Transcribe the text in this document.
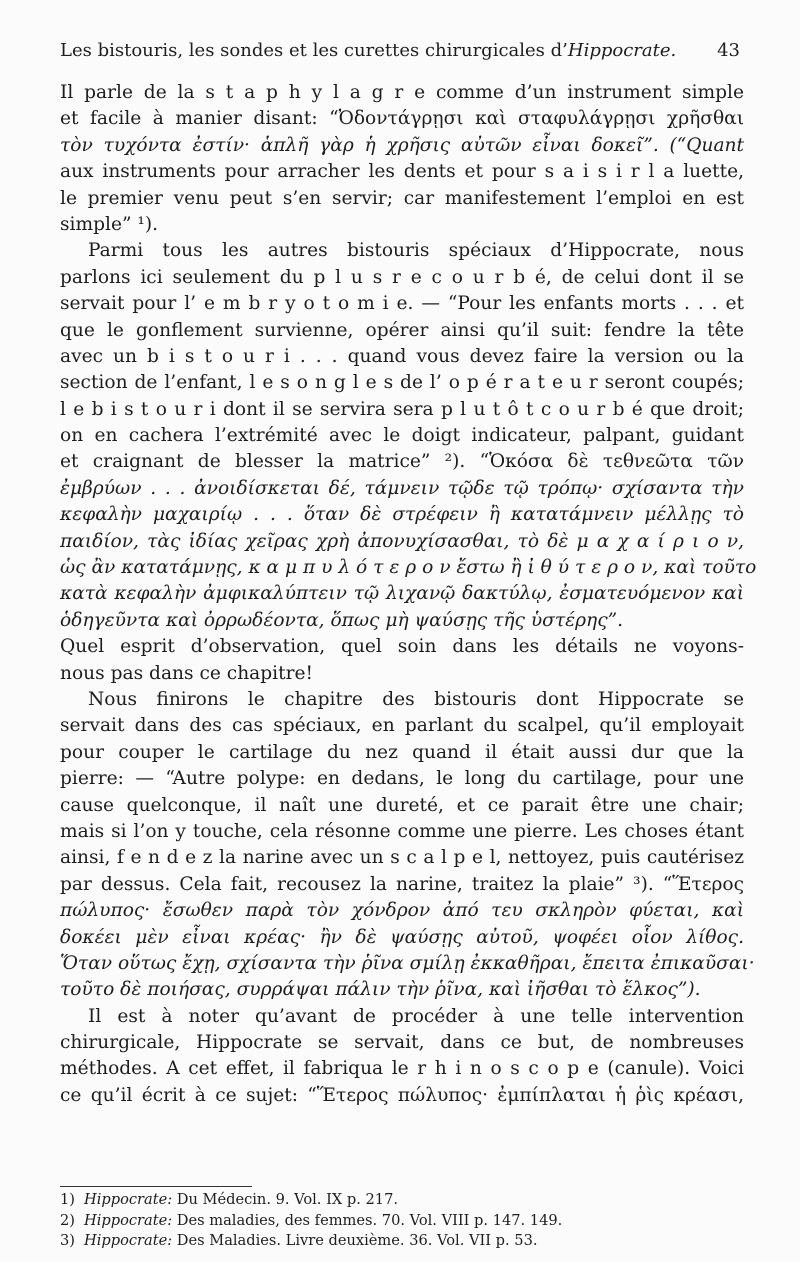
Les bistouris, les sondes et les curettes chirurgicales d’Hippocrate. 43
Il parle de la s t a p h y l a g r e comme d’un instrument simple
et facile à manier disant: “Ὀδοντάγρῃσι καὶ σταφυλάγρῃσι χρῆσθαι
τὸν τυχόντα ἐστίν· ἁπλῆ γὰρ ἡ χρῆσις αὐτῶν εἶναι δοκεῖ”. (“Quant
aux instruments pour arracher les dents et pour s a i s i r l a luette,
le premier venu peut s’en servir; car manifestement l’emploi en est
simple” ¹).
Parmi tous les autres bistouris spéciaux d’Hippocrate, nous
parlons ici seulement du p l u s r e c o u r b é, de celui dont il se
servait pour l’ e m b r y o t o m i e. — “Pour les enfants morts . . . et
que le gonflement survienne, opérer ainsi qu’il suit: fendre la tête
avec un b i s t o u r i . . . quand vous devez faire la version ou la
section de l’enfant, l e s o n g l e s de l’ o p é r a t e u r seront coupés;
l e b i s t o u r i dont il se servira sera p l u t ô t c o u r b é que droit;
on en cachera l’extrémité avec le doigt indicateur, palpant, guidant
et craignant de blesser la matrice” ²). “Ὁκόσα δὲ τεθνεῶτα τῶν
ἐμβρύων . . . ἀνοιδίσκεται δέ, τάμνειν τῷδε τῷ τρόπῳ· σχίσαντα τὴν
κεφαλὴν μαχαιρίῳ . . . ὅταν δὲ στρέφειν ἢ κατατάμνειν μέλλῃς τὸ
παιδίον, τὰς ἰδίας χεῖρας χρὴ ἀπονυχίσασθαι, τὸ δὲ μ α χ α ί ρ ι ο ν,
ὡς ἂν κατατάμνῃς, κ α μ π υ λ ό τ ε ρ ο ν ἔστω ἢ ἰ θ ύ τ ε ρ ο ν, καὶ τοῦτο
κατὰ κεφαλὴν ἀμφικαλύπτειν τῷ λιχανῷ δακτύλῳ, ἐσματευόμενον καὶ
ὁδηγεῦντα καὶ ὀρρωδέοντα, ὅπως μὴ ψαύσῃς τῆς ὑστέρης”.
Quel esprit d’observation, quel soin dans les détails ne voyons-
nous pas dans ce chapitre!
Nous finirons le chapitre des bistouris dont Hippocrate se
servait dans des cas spéciaux, en parlant du scalpel, qu’il employait
pour couper le cartilage du nez quand il était aussi dur que la
pierre: — “Autre polype: en dedans, le long du cartilage, pour une
cause quelconque, il naît une dureté, et ce parait être une chair;
mais si l’on y touche, cela résonne comme une pierre. Les choses étant
ainsi, f e n d e z la narine avec un s c a l p e l, nettoyez, puis cautérisez
par dessus. Cela fait, recousez la narine, traitez la plaie” ³). “Ἕτερος
πώλυπος· ἔσωθεν παρὰ τὸν χόνδρον ἀπό τευ σκληρὸν φύεται, καὶ
δοκέει μὲν εἶναι κρέας· ἢν δὲ ψαύσῃς αὐτοῦ, ψοφέει οἷον λίθος.
Ὅταν οὕτως ἔχῃ, σχίσαντα τὴν ῥῖνα σμίλῃ ἐκκαθῆραι, ἔπειτα ἐπικαῦσαι·
τοῦτο δὲ ποιήσας, συρράψαι πάλιν τὴν ῥῖνα, καὶ ἰῆσθαι τὸ ἕλκος”).
Il est à noter qu’avant de procéder à une telle intervention
chirurgicale, Hippocrate se servait, dans ce but, de nombreuses
méthodes. A cet effet, il fabriqua le r h i n o s c o p e (canule). Voici
ce qu’il écrit à ce sujet: “Ἕτερος πώλυπος· ἐμπίπλαται ἡ ῥὶς κρέασι,
1) Hippocrate: Du Médecin. 9. Vol. IX p. 217.
2) Hippocrate: Des maladies, des femmes. 70. Vol. VIII p. 147. 149.
3) Hippocrate: Des Maladies. Livre deuxième. 36. Vol. VII p. 53.
